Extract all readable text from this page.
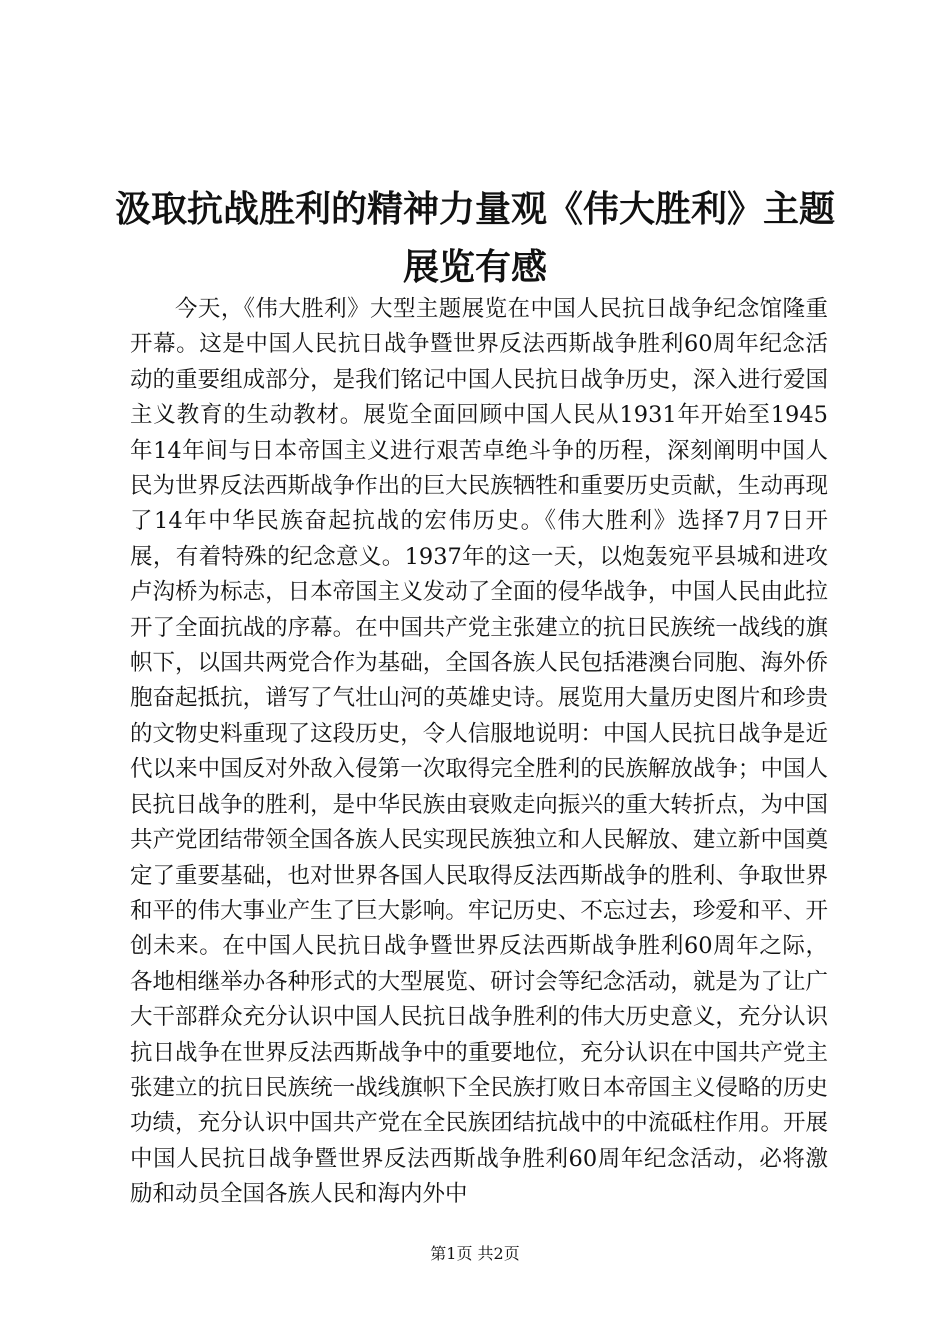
汲取抗战胜利的精神力量观《伟大胜利》主题
展览有感

今天，《伟大胜利》大型主题展览在中国人民抗日战争纪念馆隆重开幕。这是中国人民抗日战争暨世界反法西斯战争胜利60周年纪念活动的重要组成部分，是我们铭记中国人民抗日战争历史，深入进行爱国主义教育的生动教材。展览全面回顾中国人民从1931年开始至1945年14年间与日本帝国主义进行艰苦卓绝斗争的历程，深刻阐明中国人民为世界反法西斯战争作出的巨大民族牺牲和重要历史贡献，生动再现了14年中华民族奋起抗战的宏伟历史。《伟大胜利》选择7月7日开展，有着特殊的纪念意义。1937年的这一天，以炮轰宛平县城和进攻卢沟桥为标志，日本帝国主义发动了全面的侵华战争，中国人民由此拉开了全面抗战的序幕。在中国共产党主张建立的抗日民族统一战线的旗帜下，以国共两党合作为基础，全国各族人民包括港澳台同胞、海外侨胞奋起抵抗，谱写了气壮山河的英雄史诗。展览用大量历史图片和珍贵的文物史料重现了这段历史，令人信服地说明：中国人民抗日战争是近代以来中国反对外敌入侵第一次取得完全胜利的民族解放战争；中国人民抗日战争的胜利，是中华民族由衰败走向振兴的重大转折点，为中国共产党团结带领全国各族人民实现民族独立和人民解放、建立新中国奠定了重要基础，也对世界各国人民取得反法西斯战争的胜利、争取世界和平的伟大事业产生了巨大影响。牢记历史、不忘过去，珍爱和平、开创未来。在中国人民抗日战争暨世界反法西斯战争胜利60周年之际，各地相继举办各种形式的大型展览、研讨会等纪念活动，就是为了让广大干部群众充分认识中国人民抗日战争胜利的伟大历史意义，充分认识抗日战争在世界反法西斯战争中的重要地位，充分认识在中国共产党主张建立的抗日民族统一战线旗帜下全民族打败日本帝国主义侵略的历史功绩，充分认识中国共产党在全民族团结抗战中的中流砥柱作用。开展中国人民抗日战争暨世界反法西斯战争胜利60周年纪念活动，必将激励和动员全国各族人民和海内外中

第1页 共2页
